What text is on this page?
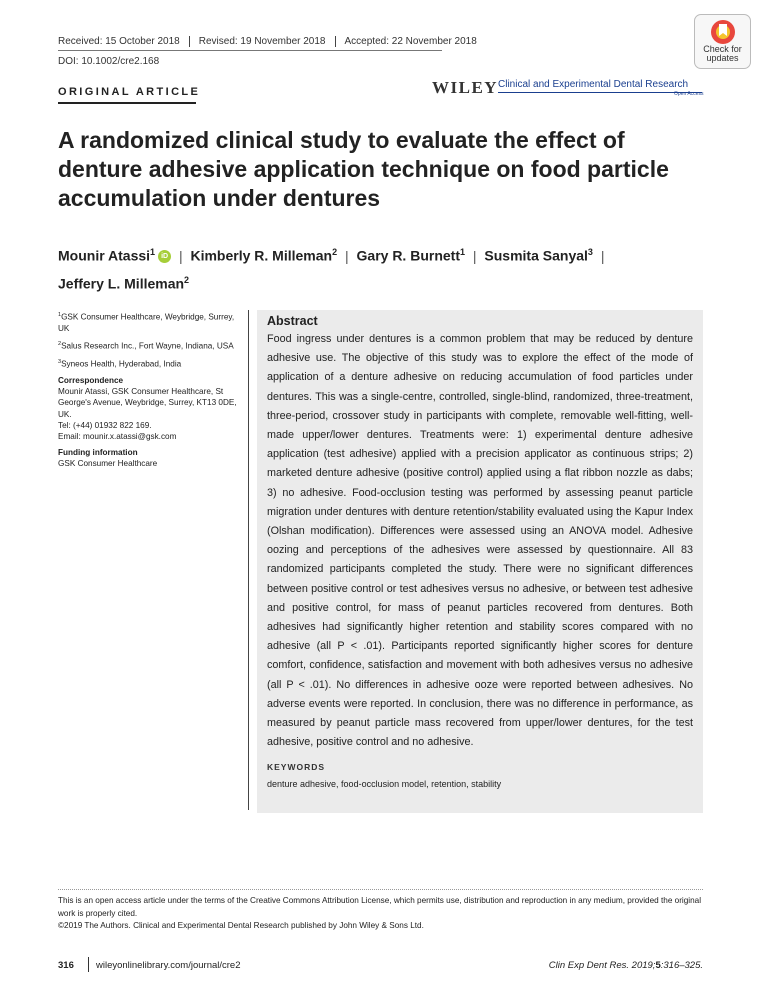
Received: 15 October 2018	Revised: 19 November 2018	Accepted: 22 November 2018
DOI: 10.1002/cre2.168
Check for
updates
ORIGINAL ARTICLE	WILEY Clinical and Experimental Dental Research
Open Access
A randomized clinical study to evaluate the effect of denture adhesive application technique on food particle accumulation under dentures
Mounir Atassi$^1$ iD | Kimberly R. Milleman$^2$ | Gary R. Burnett$^1$ | Susmita Sanyal$^3$ |
Jeffery L. Milleman$^2$

$^1$GSK Consumer Healthcare, Weybridge, Surrey, UK

$^2$Salus Research Inc., Fort Wayne, Indiana, USA

$^3$Syneos Health, Hyderabad, India

Correspondence
Mounir Atassi, GSK Consumer Healthcare, St George's Avenue, Weybridge, Surrey, KT13 0DE, UK.
Tel: (+44) 01932 822 169.

Email: mounir.x.atassi@gsk.com

Funding information
GSK Consumer Healthcare
Abstract

Food ingress under dentures is a common problem that may be reduced by denture adhesive use. The objective of this study was to explore the effect of the mode of application of a denture adhesive on reducing accumulation of food particles under dentures. This was a single-centre, controlled, single-blind, randomized, three-treatment, three-period, crossover study in participants with complete, removable well-fitting, well-made upper/lower dentures. Treatments were: 1) experimental denture adhesive application (test adhesive) applied with a precision applicator as continuous strips; 2) marketed denture adhesive (positive control) applied using a flat ribbon nozzle as dabs; 3) no adhesive. Food-occlusion testing was performed by assessing peanut particle migration under dentures with denture retention/stability evaluated using the Kapur Index (Olshan modification). Differences were assessed using an ANOVA model. Adhesive oozing and perceptions of the adhesives were assessed by questionnaire. All 83 randomized participants completed the study. There were no significant differences between positive control or test adhesives versus no adhesive, or between test adhesive and positive control, for mass of peanut particles recovered from dentures. Both adhesives had significantly higher retention and stability scores compared with no adhesive (all P < .01). Participants reported significantly higher scores for denture comfort, confidence, satisfaction and movement with both adhesives versus no adhesive (all P < .01). No differences in adhesive ooze were reported between adhesives. No adverse events were reported. In conclusion, there was no difference in performance, as measured by peanut particle mass recovered from upper/lower dentures, for the test adhesive, positive control and no adhesive.

KEYWORDS
denture adhesive, food-occlusion model, retention, stability
This is an open access article under the terms of the Creative Commons Attribution License, which permits use, distribution and reproduction in any medium, provided the original work is properly cited.
©2019 The Authors. Clinical and Experimental Dental Research published by John Wiley & Sons Ltd.
316 wileyonlinelibrary.com/journal/cre2	Clin Exp Dent Res. 2019;5:316–325.
